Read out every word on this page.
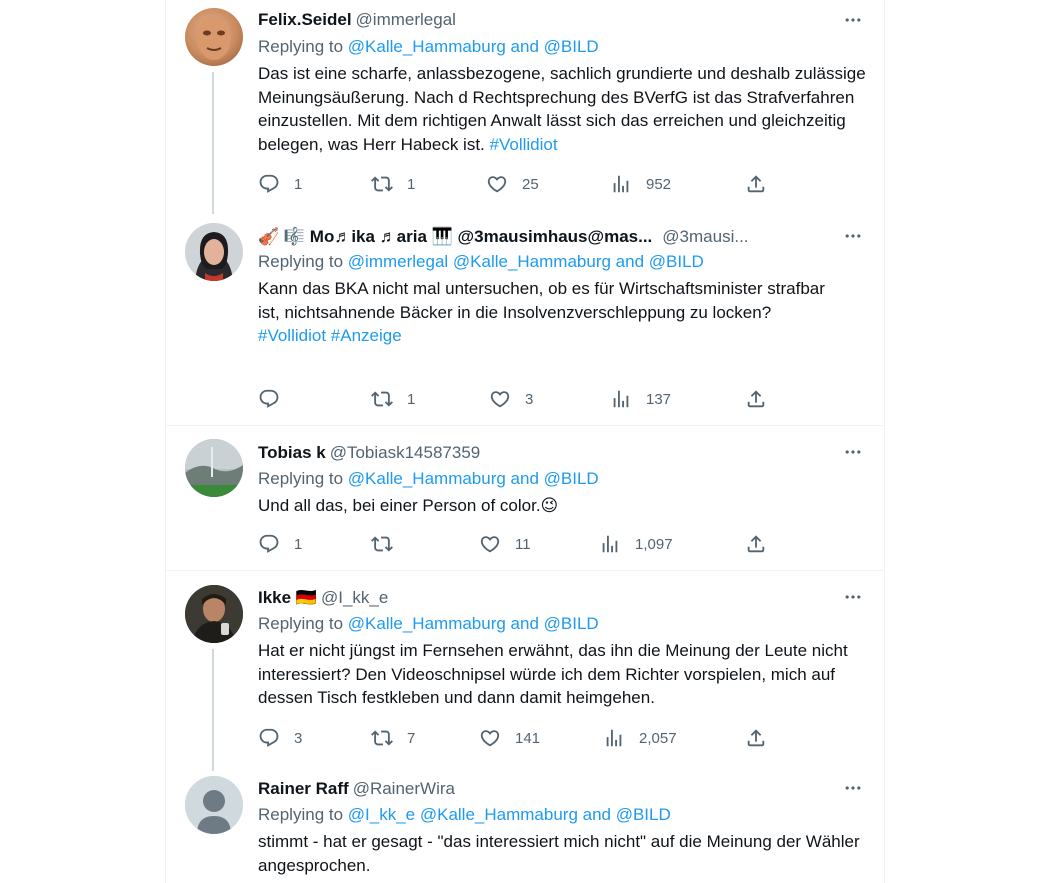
Felix.Seidel @immerlegal
Replying to @Kalle_Hammaburg and @BILD
Das ist eine scharfe, anlassbezogene, sachlich grundierte und deshalb zulässige Meinungsäußerung. Nach d Rechtsprechung des BVerfG ist das Strafverfahren einzustellen. Mit dem richtigen Anwalt lässt sich das erreichen und gleichzeitig belegen, was Herr Habeck ist. #Vollidiot
1	1	25	952
🎻 🎼 Mo♬ika ♬aria 🎹 @3mausimhaus@mas... @3mausi...
Replying to @immerlegal @Kalle_Hammaburg and @BILD
Kann das BKA nicht mal untersuchen, ob es für Wirtschaftsminister strafbar ist, nichtsahnende Bäcker in die Insolvenzverschleppung zu locken?
#Vollidiot #Anzeige
1	3	137
Tobias k @Tobiask14587359
Replying to @Kalle_Hammaburg and @BILD
Und all das, bei einer Person of color.😉
1	11	1,097
Ikke 🇩🇪 @I_kk_e
Replying to @Kalle_Hammaburg and @BILD
Hat er nicht jüngst im Fernsehen erwähnt, das ihn die Meinung der Leute nicht interessiert? Den Videoschnipsel würde ich dem Richter vorspielen, mich auf dessen Tisch festkleben und dann damit heimgehen.
3	7	141	2,057
Rainer Raff @RainerWira
Replying to @I_kk_e @Kalle_Hammaburg and @BILD
stimmt - hat er gesagt - "das interessiert mich nicht" auf die Meinung der Wähler angesprochen.
